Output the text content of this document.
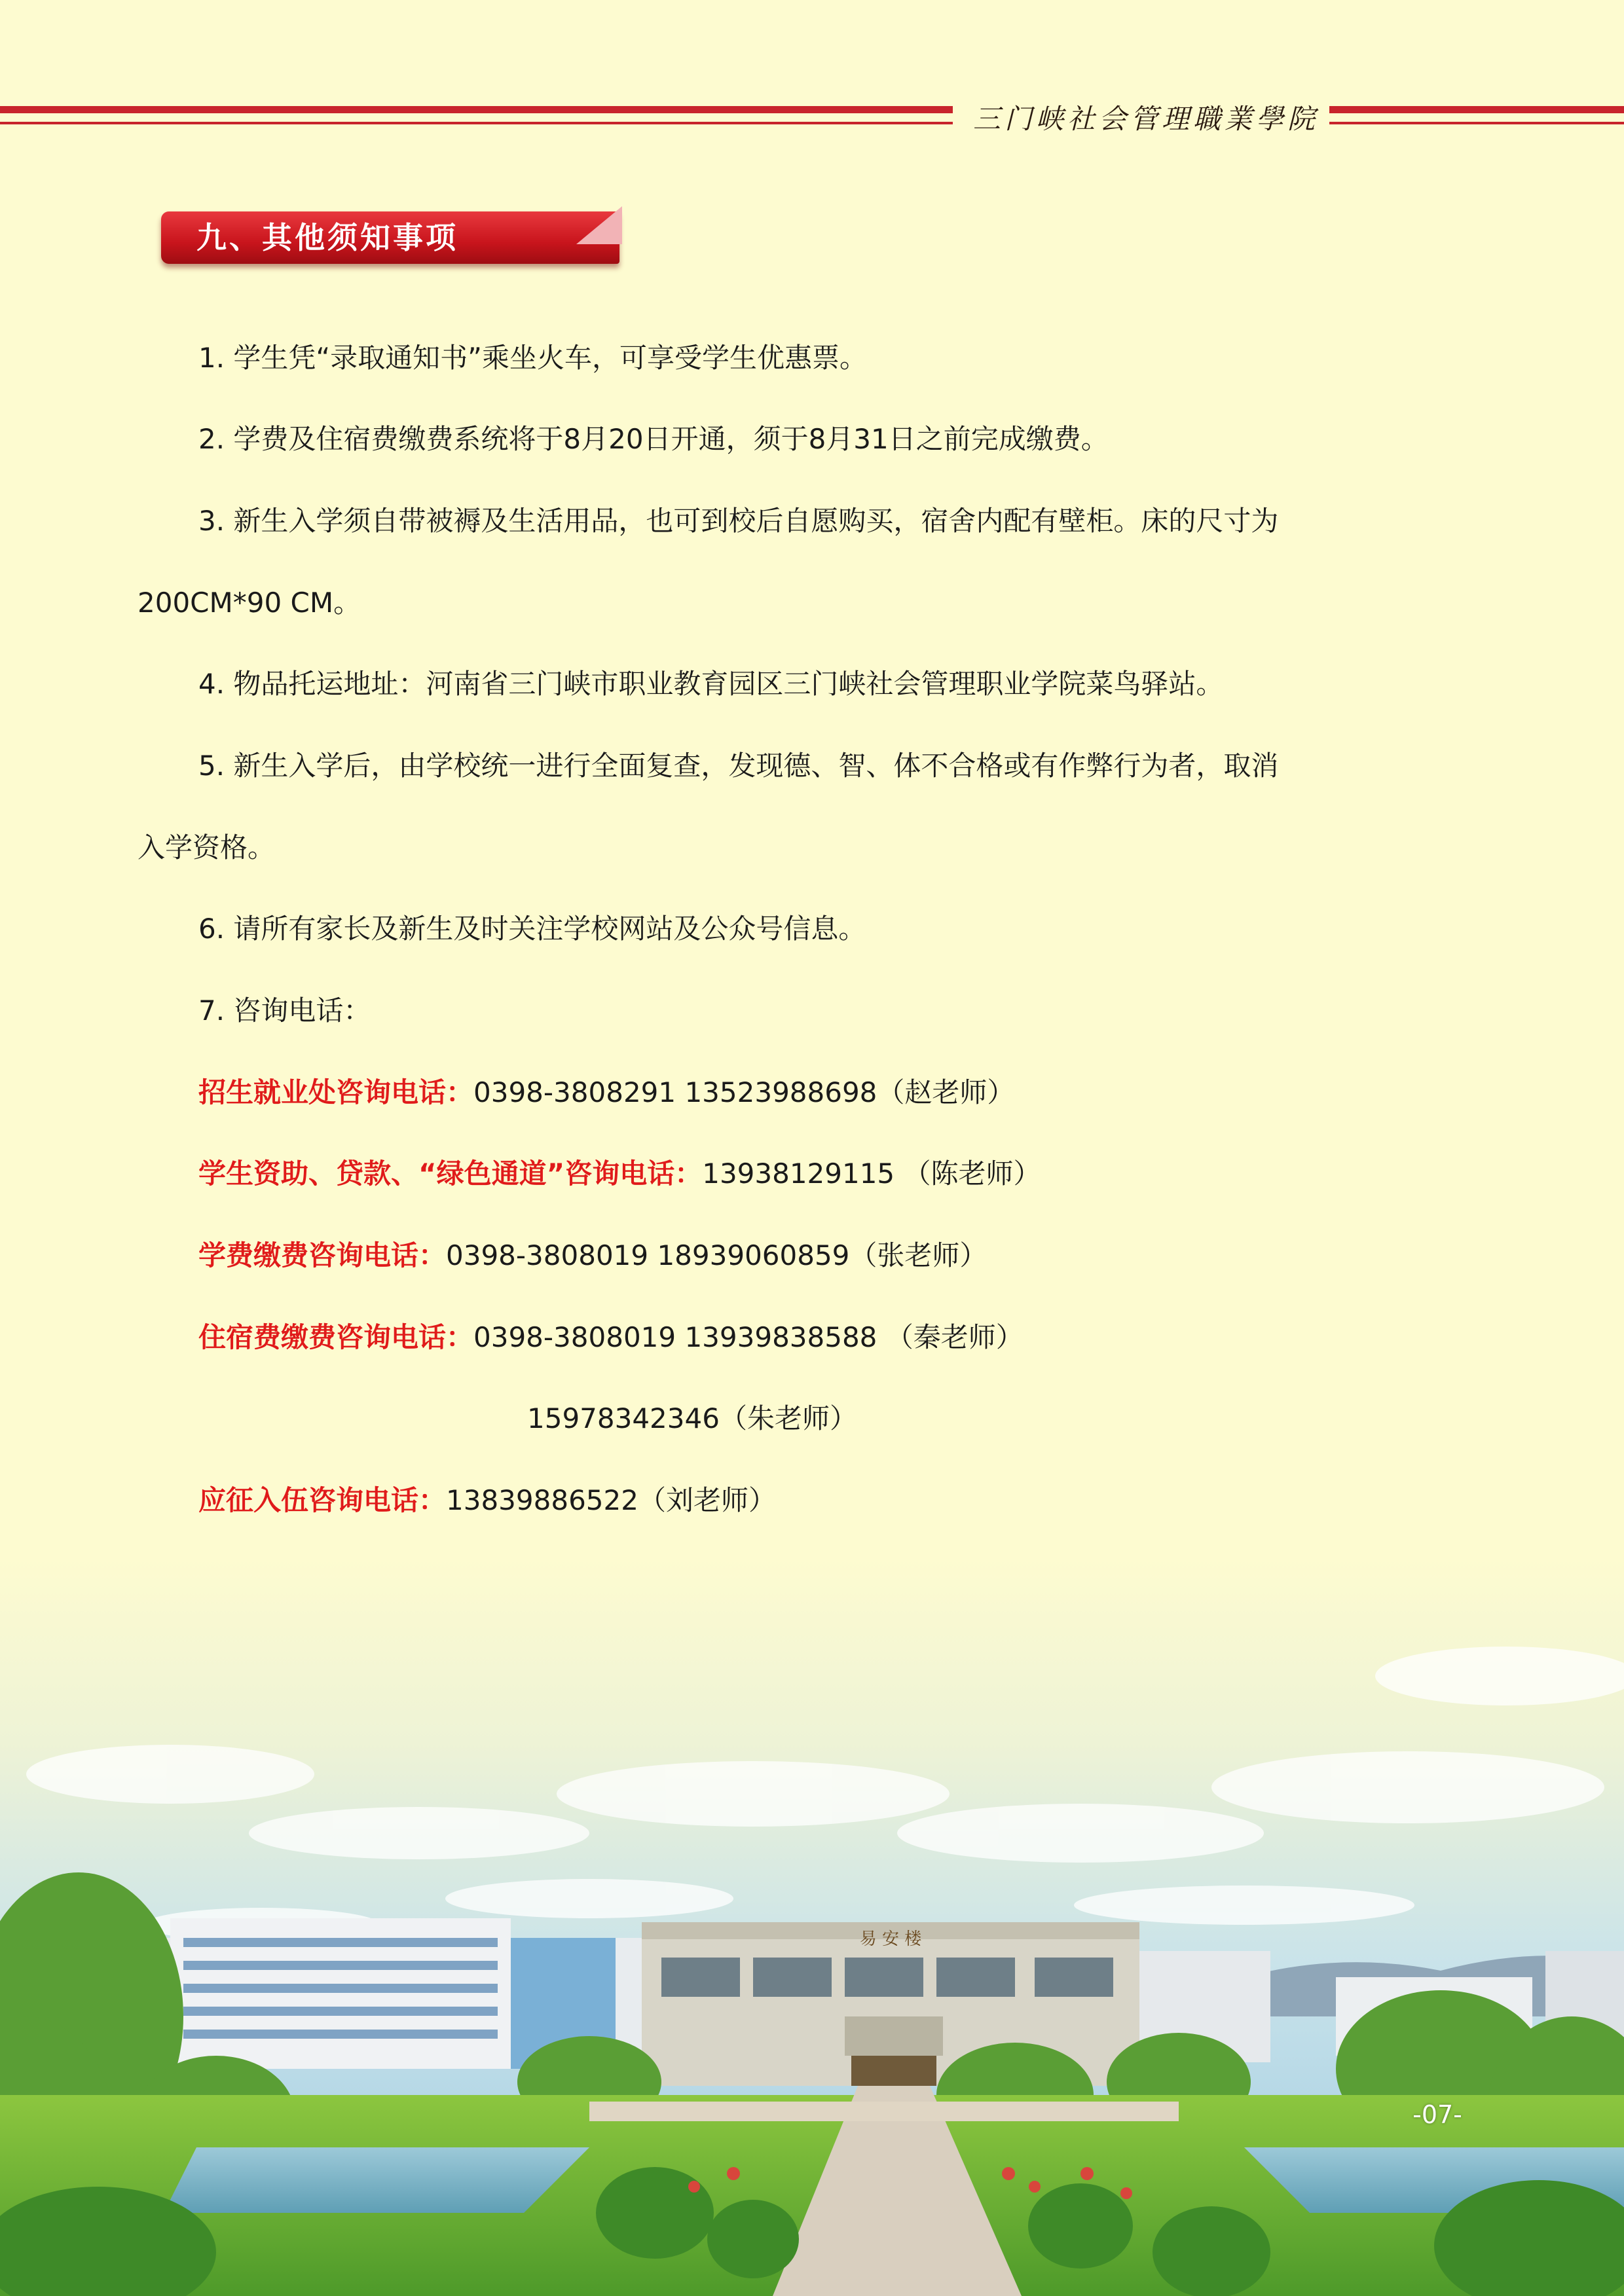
三门峡社会管理職業學院
九、其他须知事项
1. 学生凭“录取通知书”乘坐火车，可享受学生优惠票。
2. 学费及住宿费缴费系统将于8月20日开通，须于8月31日之前完成缴费。
3. 新生入学须自带被褥及生活用品，也可到校后自愿购买，宿舍内配有壁柜。床的尺寸为
200CM*90 CM。
4. 物品托运地址：河南省三门峡市职业教育园区三门峡社会管理职业学院菜鸟驿站。
5. 新生入学后，由学校统一进行全面复查，发现德、智、体不合格或有作弊行为者，取消
入学资格。
6. 请所有家长及新生及时关注学校网站及公众号信息。
7. 咨询电话：
招生就业处咨询电话：0398-3808291 13523988698（赵老师）
学生资助、贷款、“绿色通道”咨询电话：13938129115 （陈老师）
学费缴费咨询电话：0398-3808019 18939060859（张老师）
住宿费缴费咨询电话：0398-3808019 13939838588 （秦老师）
15978342346（朱老师）
应征入伍咨询电话：13839886522（刘老师）
易 安 楼
-07-
